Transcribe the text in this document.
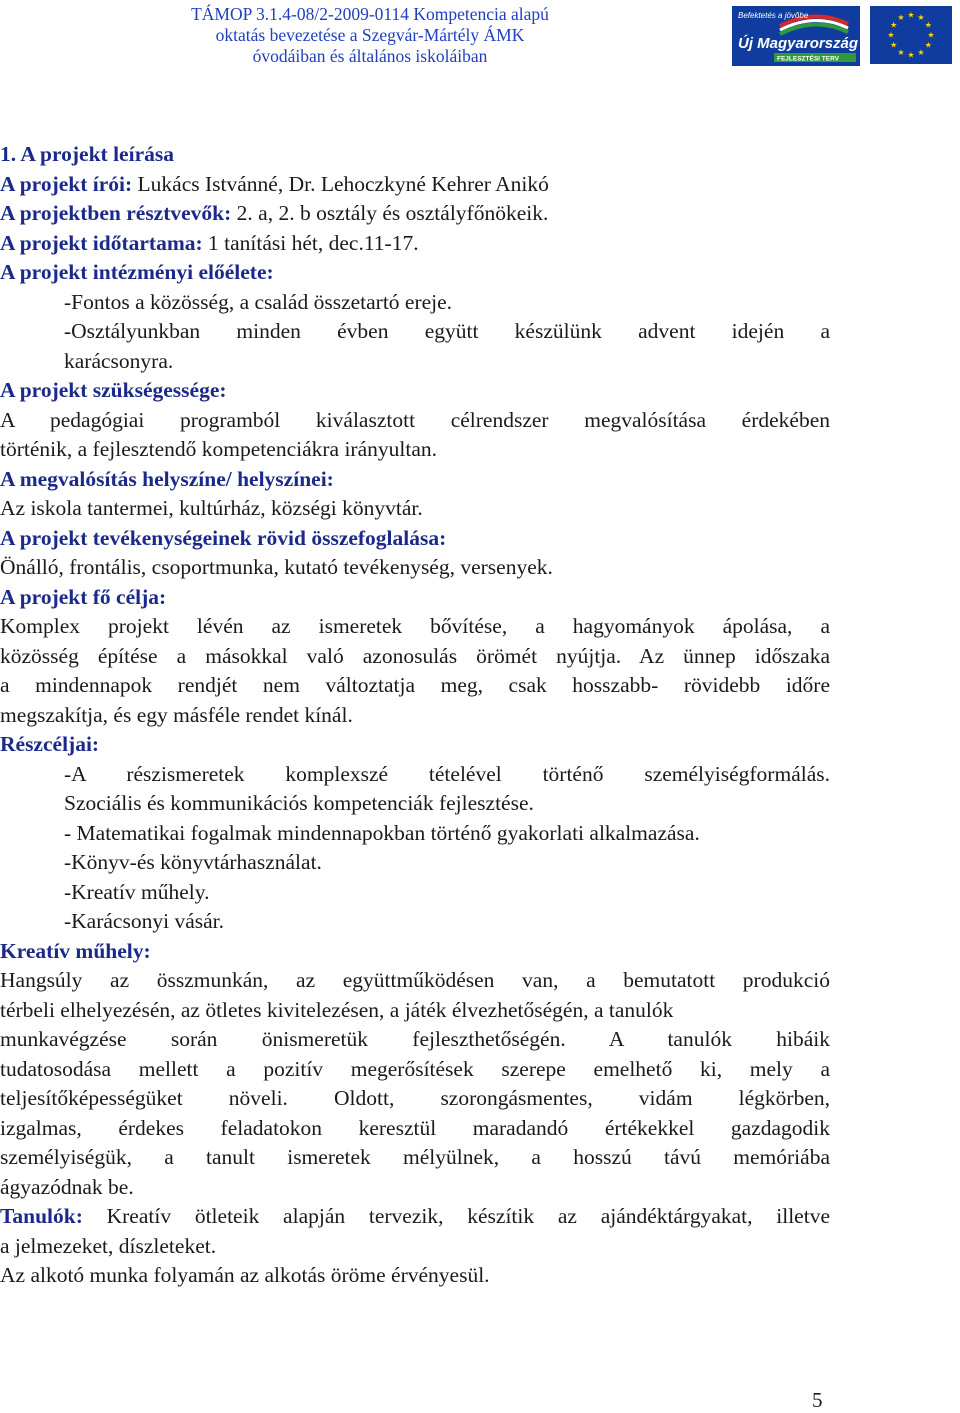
TÁMOP 3.1.4-08/2-2009-0114 Kompetencia alapú
oktatás bevezetése a Szegvár-Mártély ÁMK
óvodáiban és általános iskoláiban
Befektetés a jövőbe
Új Magyarország
FEJLESZTÉSI TERV
★
★
★
★
★
★
★
★
★ ★ ★
★
1. A projekt leírása
A projekt írói: Lukács Istvánné, Dr. Lehoczkyné Kehrer Anikó
A projektben résztvevők: 2. a, 2. b osztály és osztályfőnökeik.
A projekt időtartama: 1 tanítási hét, dec.11-17.
A projekt intézményi előélete:
-Fontos a közösség, a család összetartó ereje.
-Osztályunkban minden évben együtt készülünk advent idején a
karácsonyra.
A projekt szükségessége:
A pedagógiai programból kiválasztott célrendszer megvalósítása érdekében
történik, a fejlesztendő kompetenciákra irányultan.
A megvalósítás helyszíne/ helyszínei:
Az iskola tantermei, kultúrház, községi könyvtár.
A projekt tevékenységeinek rövid összefoglalása:
Önálló, frontális, csoportmunka, kutató tevékenység, versenyek.
A projekt fő célja:
Komplex projekt lévén az ismeretek bővítése, a hagyományok ápolása, a
közösség építése a másokkal való azonosulás örömét nyújtja. Az ünnep időszaka
a mindennapok rendjét nem változtatja meg, csak hosszabb- rövidebb időre
megszakítja, és egy másféle rendet kínál.
Részcéljai:
-A részismeretek komplexszé tételével történő személyiségformálás.
Szociális és kommunikációs kompetenciák fejlesztése.
- Matematikai fogalmak mindennapokban történő gyakorlati alkalmazása.
-Könyv-és könyvtárhasználat.
-Kreatív műhely.
-Karácsonyi vásár.
Kreatív műhely:
Hangsúly az összmunkán, az együttműködésen van, a bemutatott produkció
térbeli elhelyezésén, az ötletes kivitelezésen, a játék élvezhetőségén, a tanulók
munkavégzése során önismeretük fejleszthetőségén. A tanulók hibáik
tudatosodása mellett a pozitív megerősítések szerepe emelhető ki, mely a
teljesítőképességüket növeli. Oldott, szorongásmentes, vidám légkörben,
izgalmas, érdekes feladatokon keresztül maradandó értékekkel gazdagodik
személyiségük, a tanult ismeretek mélyülnek, a hosszú távú memóriába
ágyazódnak be.
Tanulók: Kreatív ötleteik alapján tervezik, készítik az ajándéktárgyakat, illetve
a jelmezeket, díszleteket.
Az alkotó munka folyamán az alkotás öröme érvényesül.
5
